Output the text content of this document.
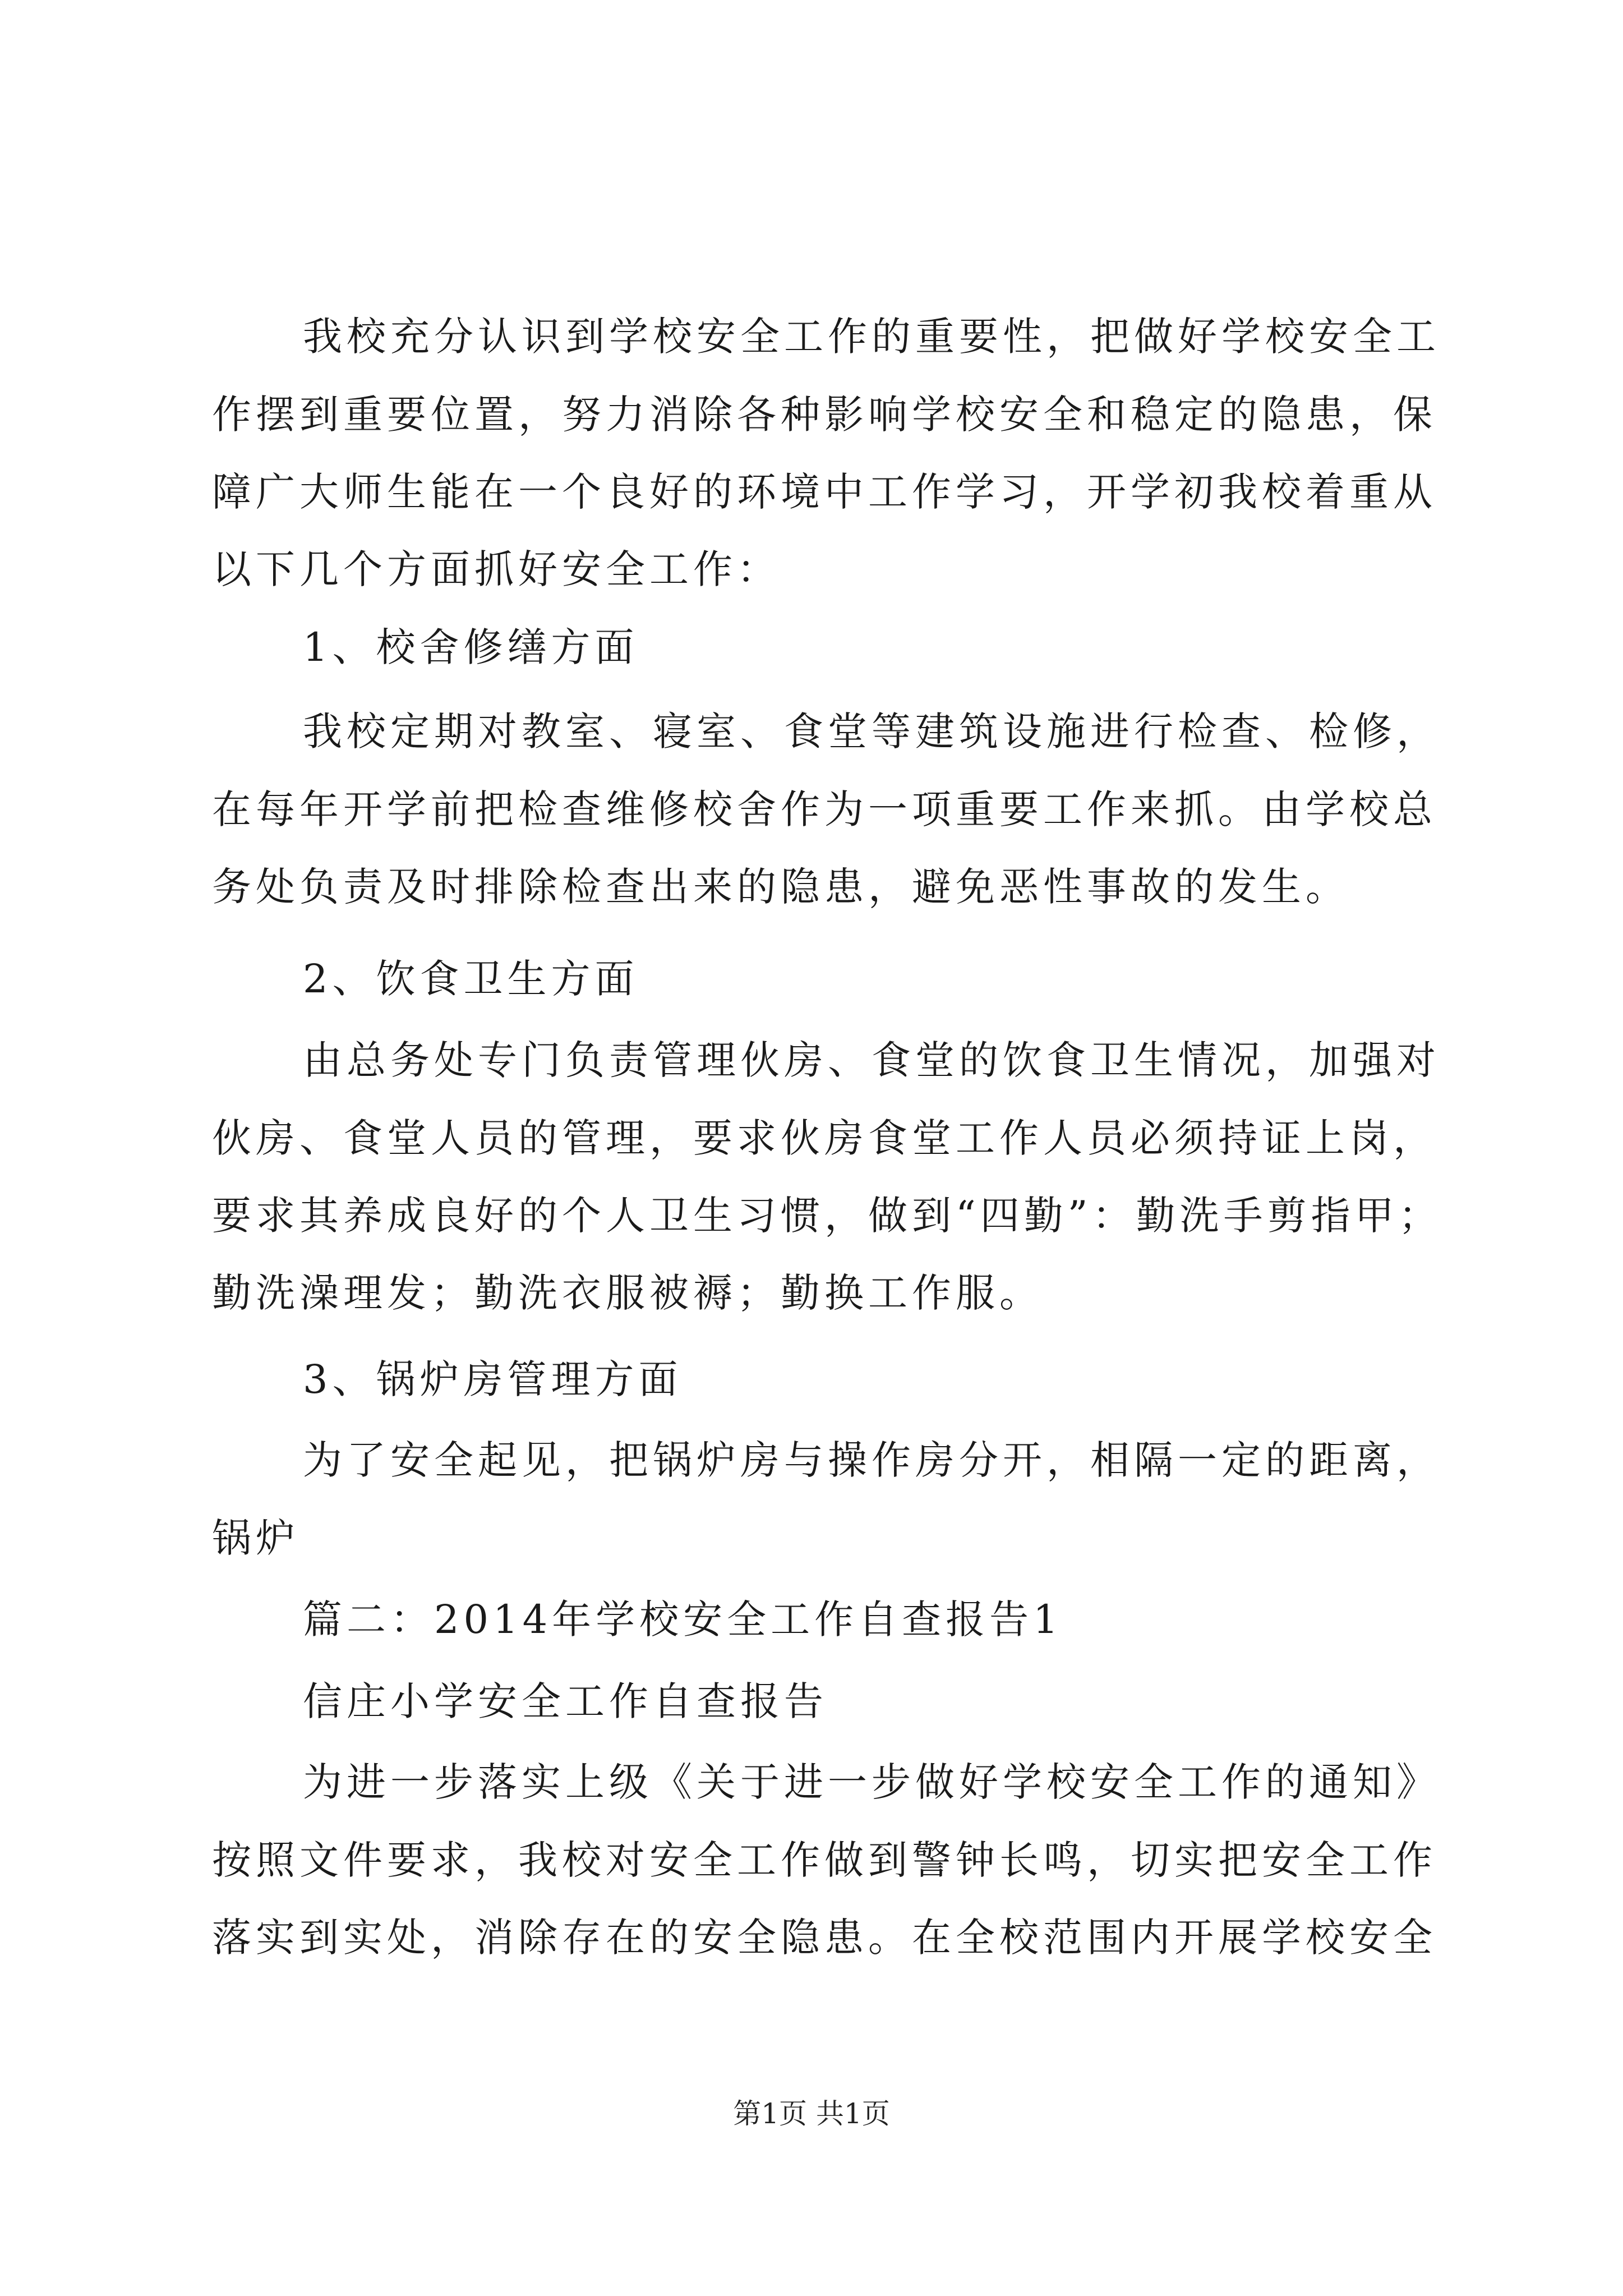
我校充分认识到学校安全工作的重要性，把做好学校安全工
作摆到重要位置，努力消除各种影响学校安全和稳定的隐患，保
障广大师生能在一个良好的环境中工作学习，开学初我校着重从
以下几个方面抓好安全工作：
1、校舍修缮方面
我校定期对教室、寝室、食堂等建筑设施进行检查、检修，
在每年开学前把检查维修校舍作为一项重要工作来抓。由学校总
务处负责及时排除检查出来的隐患，避免恶性事故的发生。
2、饮食卫生方面
由总务处专门负责管理伙房、食堂的饮食卫生情况，加强对
伙房、食堂人员的管理，要求伙房食堂工作人员必须持证上岗，
要求其养成良好的个人卫生习惯，做到“四勤”：勤洗手剪指甲；
勤洗澡理发；勤洗衣服被褥；勤换工作服。
3、锅炉房管理方面
为了安全起见，把锅炉房与操作房分开，相隔一定的距离，
锅炉
篇二：2014年学校安全工作自查报告1
信庄小学安全工作自查报告
为进一步落实上级《关于进一步做好学校安全工作的通知》
按照文件要求，我校对安全工作做到警钟长鸣，切实把安全工作
落实到实处，消除存在的安全隐患。在全校范围内开展学校安全
第1页 共1页
